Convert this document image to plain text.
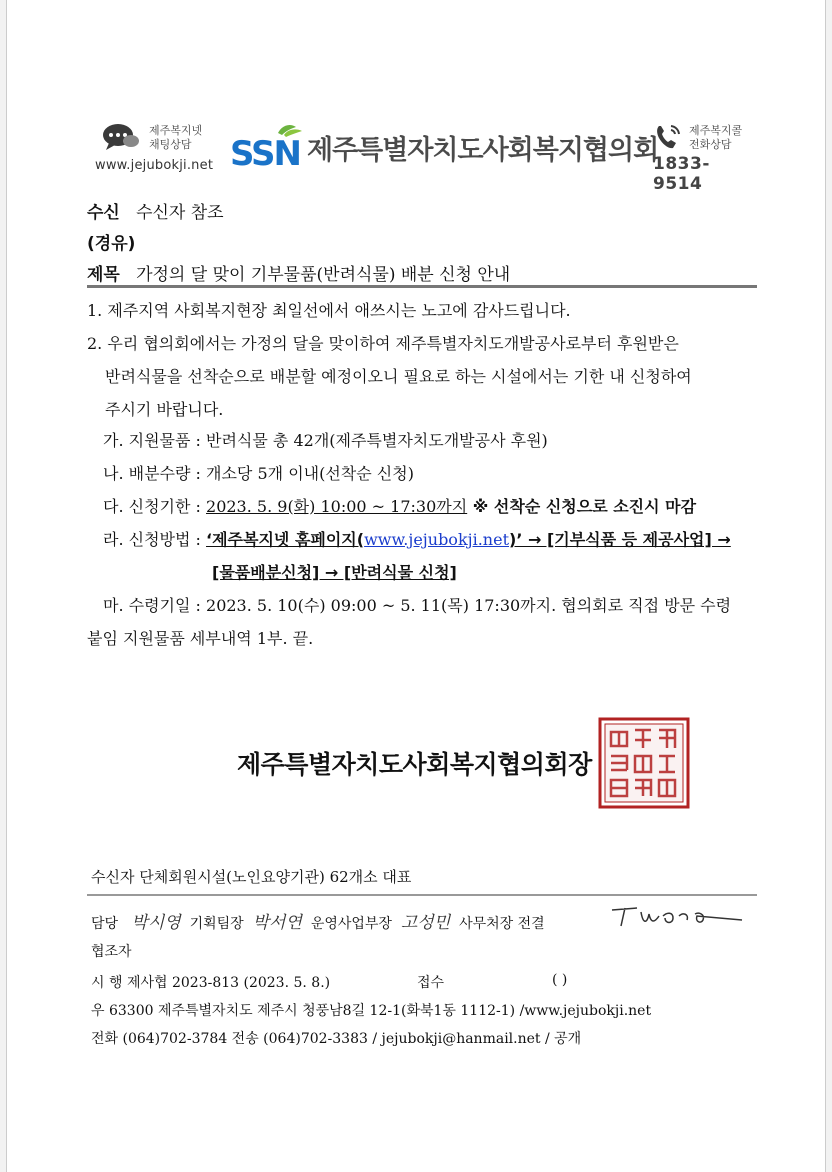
제주복지넷
채팅상담
www.jejubokji.net SSN 제주특별자치도사회복지협의회
제주복지콜
전화상담
1833-9514
수신 수신자 참조
(경유)
제목 가정의 달 맞이 기부물품(반려식물) 배분 신청 안내
1. 제주지역 사회복지현장 최일선에서 애쓰시는 노고에 감사드립니다.
2. 우리 협의회에서는 가정의 달을 맞이하여 제주특별자치도개발공사로부터 후원받은
반려식물을 선착순으로 배분할 예정이오니 필요로 하는 시설에서는 기한 내 신청하여
주시기 바랍니다.
가. 지원물품 : 반려식물 총 42개(제주특별자치도개발공사 후원)
나. 배분수량 : 개소당 5개 이내(선착순 신청)
다. 신청기한 : 2023. 5. 9(화) 10:00 ~ 17:30까지 ※ 선착순 신청으로 소진시 마감
라. 신청방법 : ‘제주복지넷 홈페이지(www.jejubokji.net)’ → [기부식품 등 제공사업] →
[물품배분신청] → [반려식물 신청]
마. 수령기일 : 2023. 5. 10(수) 09:00 ~ 5. 11(목) 17:30까지. 협의회로 직접 방문 수령
붙임 지원물품 세부내역 1부. 끝.
제주특별자치도사회복지협의회장
수신자 단체회원시설(노인요양기관) 62개소 대표
담당 박시영 기획팀장 박서연 운영사업부장 고성민 사무처장 전결
협조자
시 행 제사협 2023-813 (2023. 5. 8.)	접수	( )
우 63300 제주특별자치도 제주시 청풍남8길 12-1(화북1동 1112-1) /www.jejubokji.net
전화 (064)702-3784 전송 (064)702-3383 / jejubokji@hanmail.net / 공개
